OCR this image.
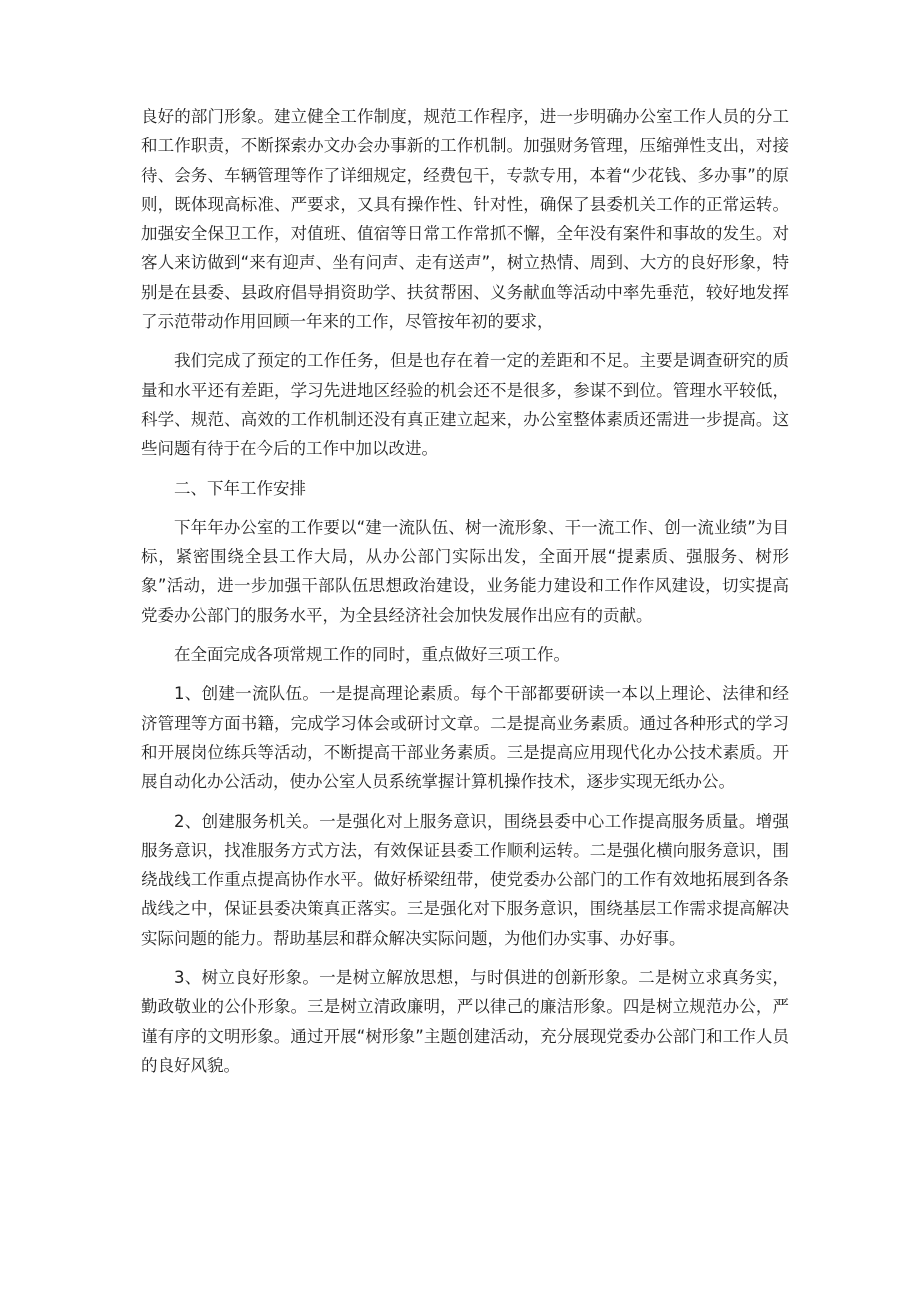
良好的部门形象。建立健全工作制度，规范工作程序，进一步明确办公室工作人员的分工和工作职责，不断探索办文办会办事新的工作机制。加强财务管理，压缩弹性支出，对接待、会务、车辆管理等作了详细规定，经费包干，专款专用，本着“少花钱、多办事”的原则，既体现高标准、严要求，又具有操作性、针对性，确保了县委机关工作的正常运转。加强安全保卫工作，对值班、值宿等日常工作常抓不懈，全年没有案件和事故的发生。对客人来访做到“来有迎声、坐有问声、走有送声”，树立热情、周到、大方的良好形象，特别是在县委、县政府倡导捐资助学、扶贫帮困、义务献血等活动中率先垂范，较好地发挥了示范带动作用回顾一年来的工作，尽管按年初的要求，

我们完成了预定的工作任务，但是也存在着一定的差距和不足。主要是调查研究的质量和水平还有差距，学习先进地区经验的机会还不是很多，参谋不到位。管理水平较低，科学、规范、高效的工作机制还没有真正建立起来，办公室整体素质还需进一步提高。这些问题有待于在今后的工作中加以改进。

二、下年工作安排

下年年办公室的工作要以“建一流队伍、树一流形象、干一流工作、创一流业绩”为目标，紧密围绕全县工作大局，从办公部门实际出发，全面开展“提素质、强服务、树形象”活动，进一步加强干部队伍思想政治建设，业务能力建设和工作作风建设，切实提高党委办公部门的服务水平，为全县经济社会加快发展作出应有的贡献。

在全面完成各项常规工作的同时，重点做好三项工作。

1、创建一流队伍。一是提高理论素质。每个干部都要研读一本以上理论、法律和经济管理等方面书籍，完成学习体会或研讨文章。二是提高业务素质。通过各种形式的学习和开展岗位练兵等活动，不断提高干部业务素质。三是提高应用现代化办公技术素质。开展自动化办公活动，使办公室人员系统掌握计算机操作技术，逐步实现无纸办公。

2、创建服务机关。一是强化对上服务意识，围绕县委中心工作提高服务质量。增强服务意识，找准服务方式方法，有效保证县委工作顺利运转。二是强化横向服务意识，围绕战线工作重点提高协作水平。做好桥梁纽带，使党委办公部门的工作有效地拓展到各条战线之中，保证县委决策真正落实。三是强化对下服务意识，围绕基层工作需求提高解决实际问题的能力。帮助基层和群众解决实际问题，为他们办实事、办好事。

3、树立良好形象。一是树立解放思想，与时俱进的创新形象。二是树立求真务实，勤政敬业的公仆形象。三是树立清政廉明，严以律己的廉洁形象。四是树立规范办公，严谨有序的文明形象。通过开展“树形象”主题创建活动，充分展现党委办公部门和工作人员的良好风貌。
